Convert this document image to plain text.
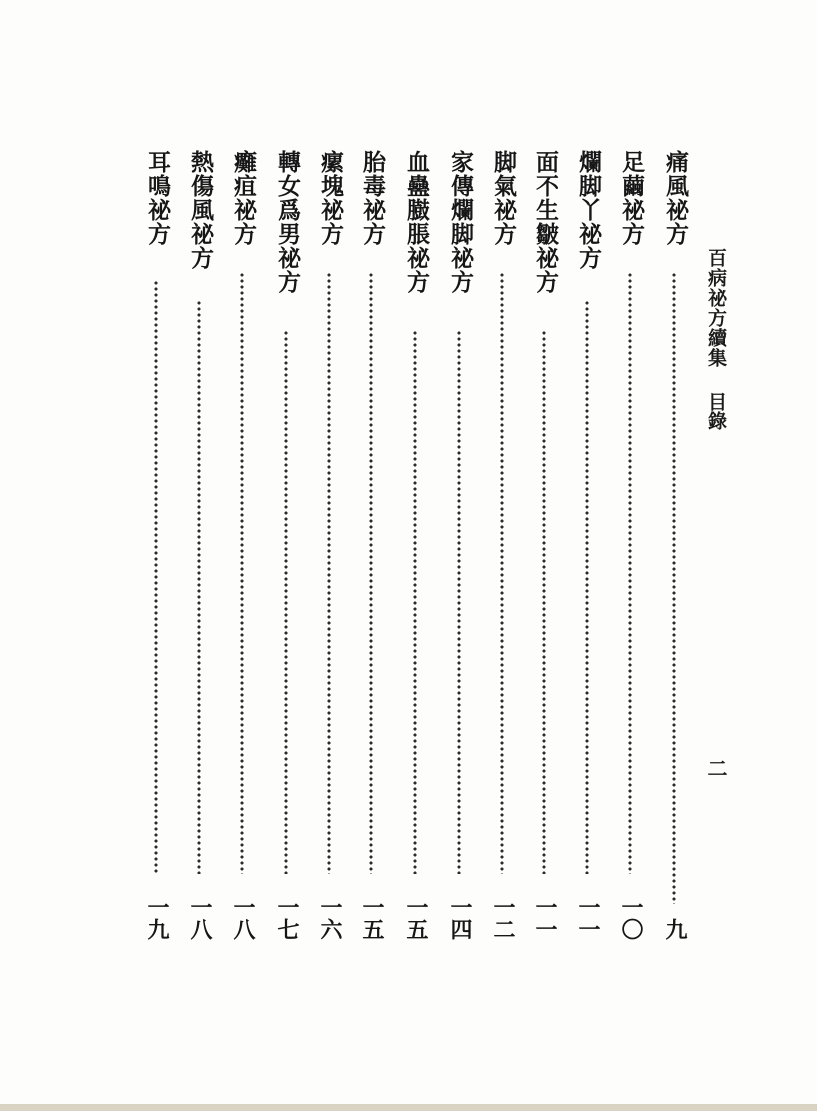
百病祕方續集
目錄
二
痛風祕方
九
足繭祕方
一〇
爛脚丫祕方
一一
面不生皺祕方
一一
脚氣祕方
一二
家傳爛脚祕方
一四
血蠱臌脹祕方
一五
胎毒祕方
一五
瘰塊祕方
一六
轉女爲男祕方
一七
癱疽祕方
一八
熱傷風祕方
一八
耳鳴祕方
一九
